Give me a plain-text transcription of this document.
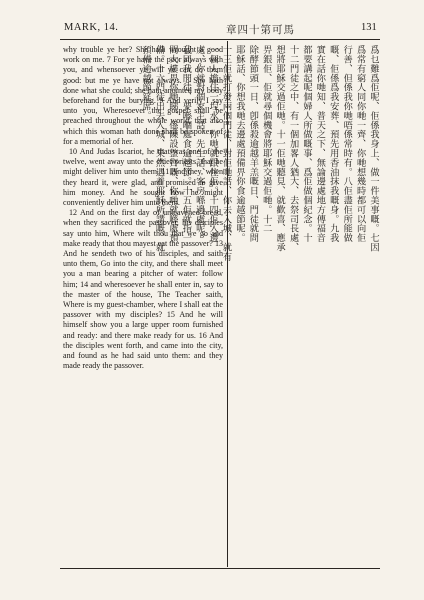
MARK, 14.	章四十第可馬	131

why trouble ye her? She hath wrought a good work on me. 7 For ye have the poor always with you, and whensoever ye will ye can do them good: but me ye have not always. 8 She hath done what she could; she hath anointed my body beforehand for the burying. 9 And verily I say unto you, Wheresoever the gospel shall be preached throughout the whole world, that also which this woman hath done shall be spoken of for a memorial of her.

10 And Judas Iscariot, he that was one of the twelve, went away unto the chief priests, that he might deliver him unto them. 11 And they, when they heard it, were glad, and promised to give him money. And he sought how he might conveniently deliver him unto them.

12 And on the first day of unleavened bread, when they sacrificed the passover, his disciples say unto him, Where wilt thou that we go and make ready that thou mayest eat the passover? 13 And he sendeth two of his disciples, and saith unto them, Go into the city, and there shall meet you a man bearing a pitcher of water: follow him; 14 and wheresoever he shall enter in, say to the master of the house, The Teacher saith, Where is my guest-chamber, where I shall eat the passover with my disciples? 15 And he will himself show you a large upper room furnished and ready: and there make ready for us. 16 And the disciples went forth, and came into the city, and found as he had said unto them: and they made ready the passover.

爲乜難爲佢呢、佢係我身上、做一件美事嘅。七因

爲常有窮人同你哋一齊、你哋想幾時都可以向佢

行善、但係我你哋唔係常時有。八佢盡佢所能做

嘅、佢係爲我安葬、預先用香油抹我嘅身。九我

實在話你哋知、普天之下、無論邊處地方傳福音

都要講起呢個婦人所做嘅事、爲佢做個紀念。十

十二門徒之中、有一個加畧人猶大、去祭司長處、

想將耶穌交過佢哋。十一佢哋聽見、就歡喜、應承

畀銀佢、佢就尋個機會將耶穌交過佢哋。十二

除酵節頭一日、卽係殺逾越羊羔嘅日、門徒就問

耶穌話、你想我哋去邊處預備畀你食逾越節呢。

十三佢就打發兩個門徒、對佢哋話、你去入城、就有

一個人擔住一埕水、你哋就跟住佢。十四佢入邊

處、你就對個家主話、先生話、客房喺邊處呢、

我同我門徒、要喺嗰處食逾越節。十五佢就指一

間大樓畀你哋睇、係陳設整齊嘅、你哋就喺處預

備。十六門徒出去入城、果然遇着耶穌所講嘅、就

預備逾越節筵席。
